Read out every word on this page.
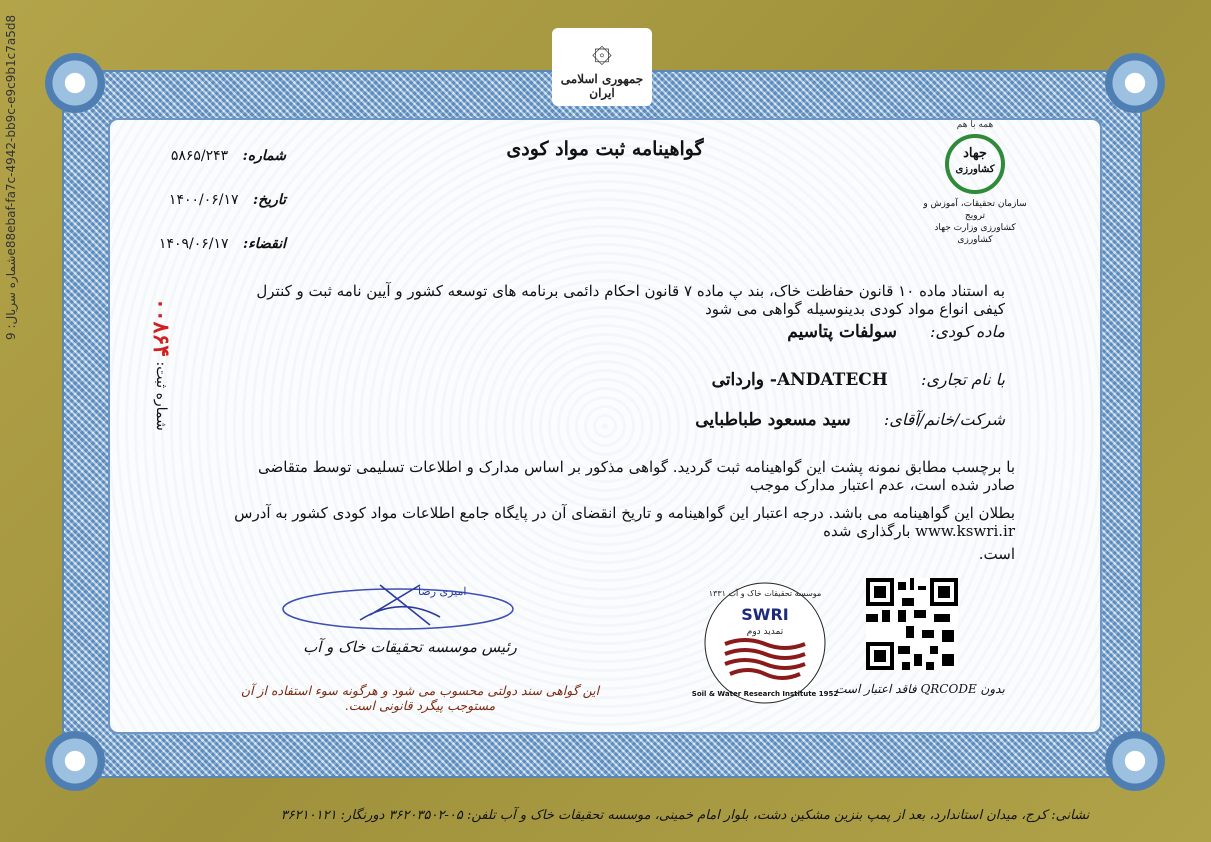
شماره سریال: 9e88ebaf-fa7c-4942-bb9c-e9c9b1c7a5d8	۞
جمهوری اسلامی ایران
گواهینامه ثبت مواد کودی
شماره: ۵۸۶۵/۲۴۳
تاریخ: ۱۴۰۰/۰۶/۱۷
انقضاء: ۱۴۰۹/۰۶/۱۷
همه با هم
جهاد
کشاورزی
سازمان تحقیقات، آموزش و ترویج
کشاورزی وزارت جهاد کشاورزی
به استناد ماده ۱۰ قانون حفاظت خاک، بند پ ماده ۷ قانون احکام دائمی برنامه های توسعه کشور و آیین نامه ثبت و کنترل کیفی انواع مواد کودی بدینوسیله گواهی می شود
ماده کودی: سولفات پتاسیم
با نام تجاری: ANDATECH- وارداتی
شرکت/خانم/آقای: سید مسعود طباطبایی
شماره ثبت: ۰۰۸۶۴
با برچسب مطابق نمونه پشت این گواهینامه ثبت گردید. گواهی مذکور بر اساس مدارک و اطلاعات تسلیمی توسط متقاضی صادر شده است، عدم اعتبار مدارک موجب
بطلان این گواهینامه می باشد. درجه اعتبار این گواهینامه و تاریخ انقضای آن در پایگاه جامع اطلاعات مواد کودی کشور به آدرس www.kswri.ir بارگذاری شده
است.
امیری رضا
رئیس موسسه تحقیقات خاک و آب
این گواهی سند دولتی محسوب می شود و هرگونه سوء استفاده از آن مستوجب پیگرد قانونی است.
موسسه تحقیقات خاک و آب ۱۳۳۱
SWRI
تمدید دوم
Soil & Water Research Institute 1952
بدون QRCODE فاقد اعتبار است
نشانی: کرج، میدان استاندارد، بعد از پمپ بنزین مشکین دشت، بلوار امام خمینی، موسسه تحقیقات خاک و آب تلفن: ۰۵-۳۶۲۰۳۵۰۲ دورنگار: ۳۶۲۱۰۱۲۱
